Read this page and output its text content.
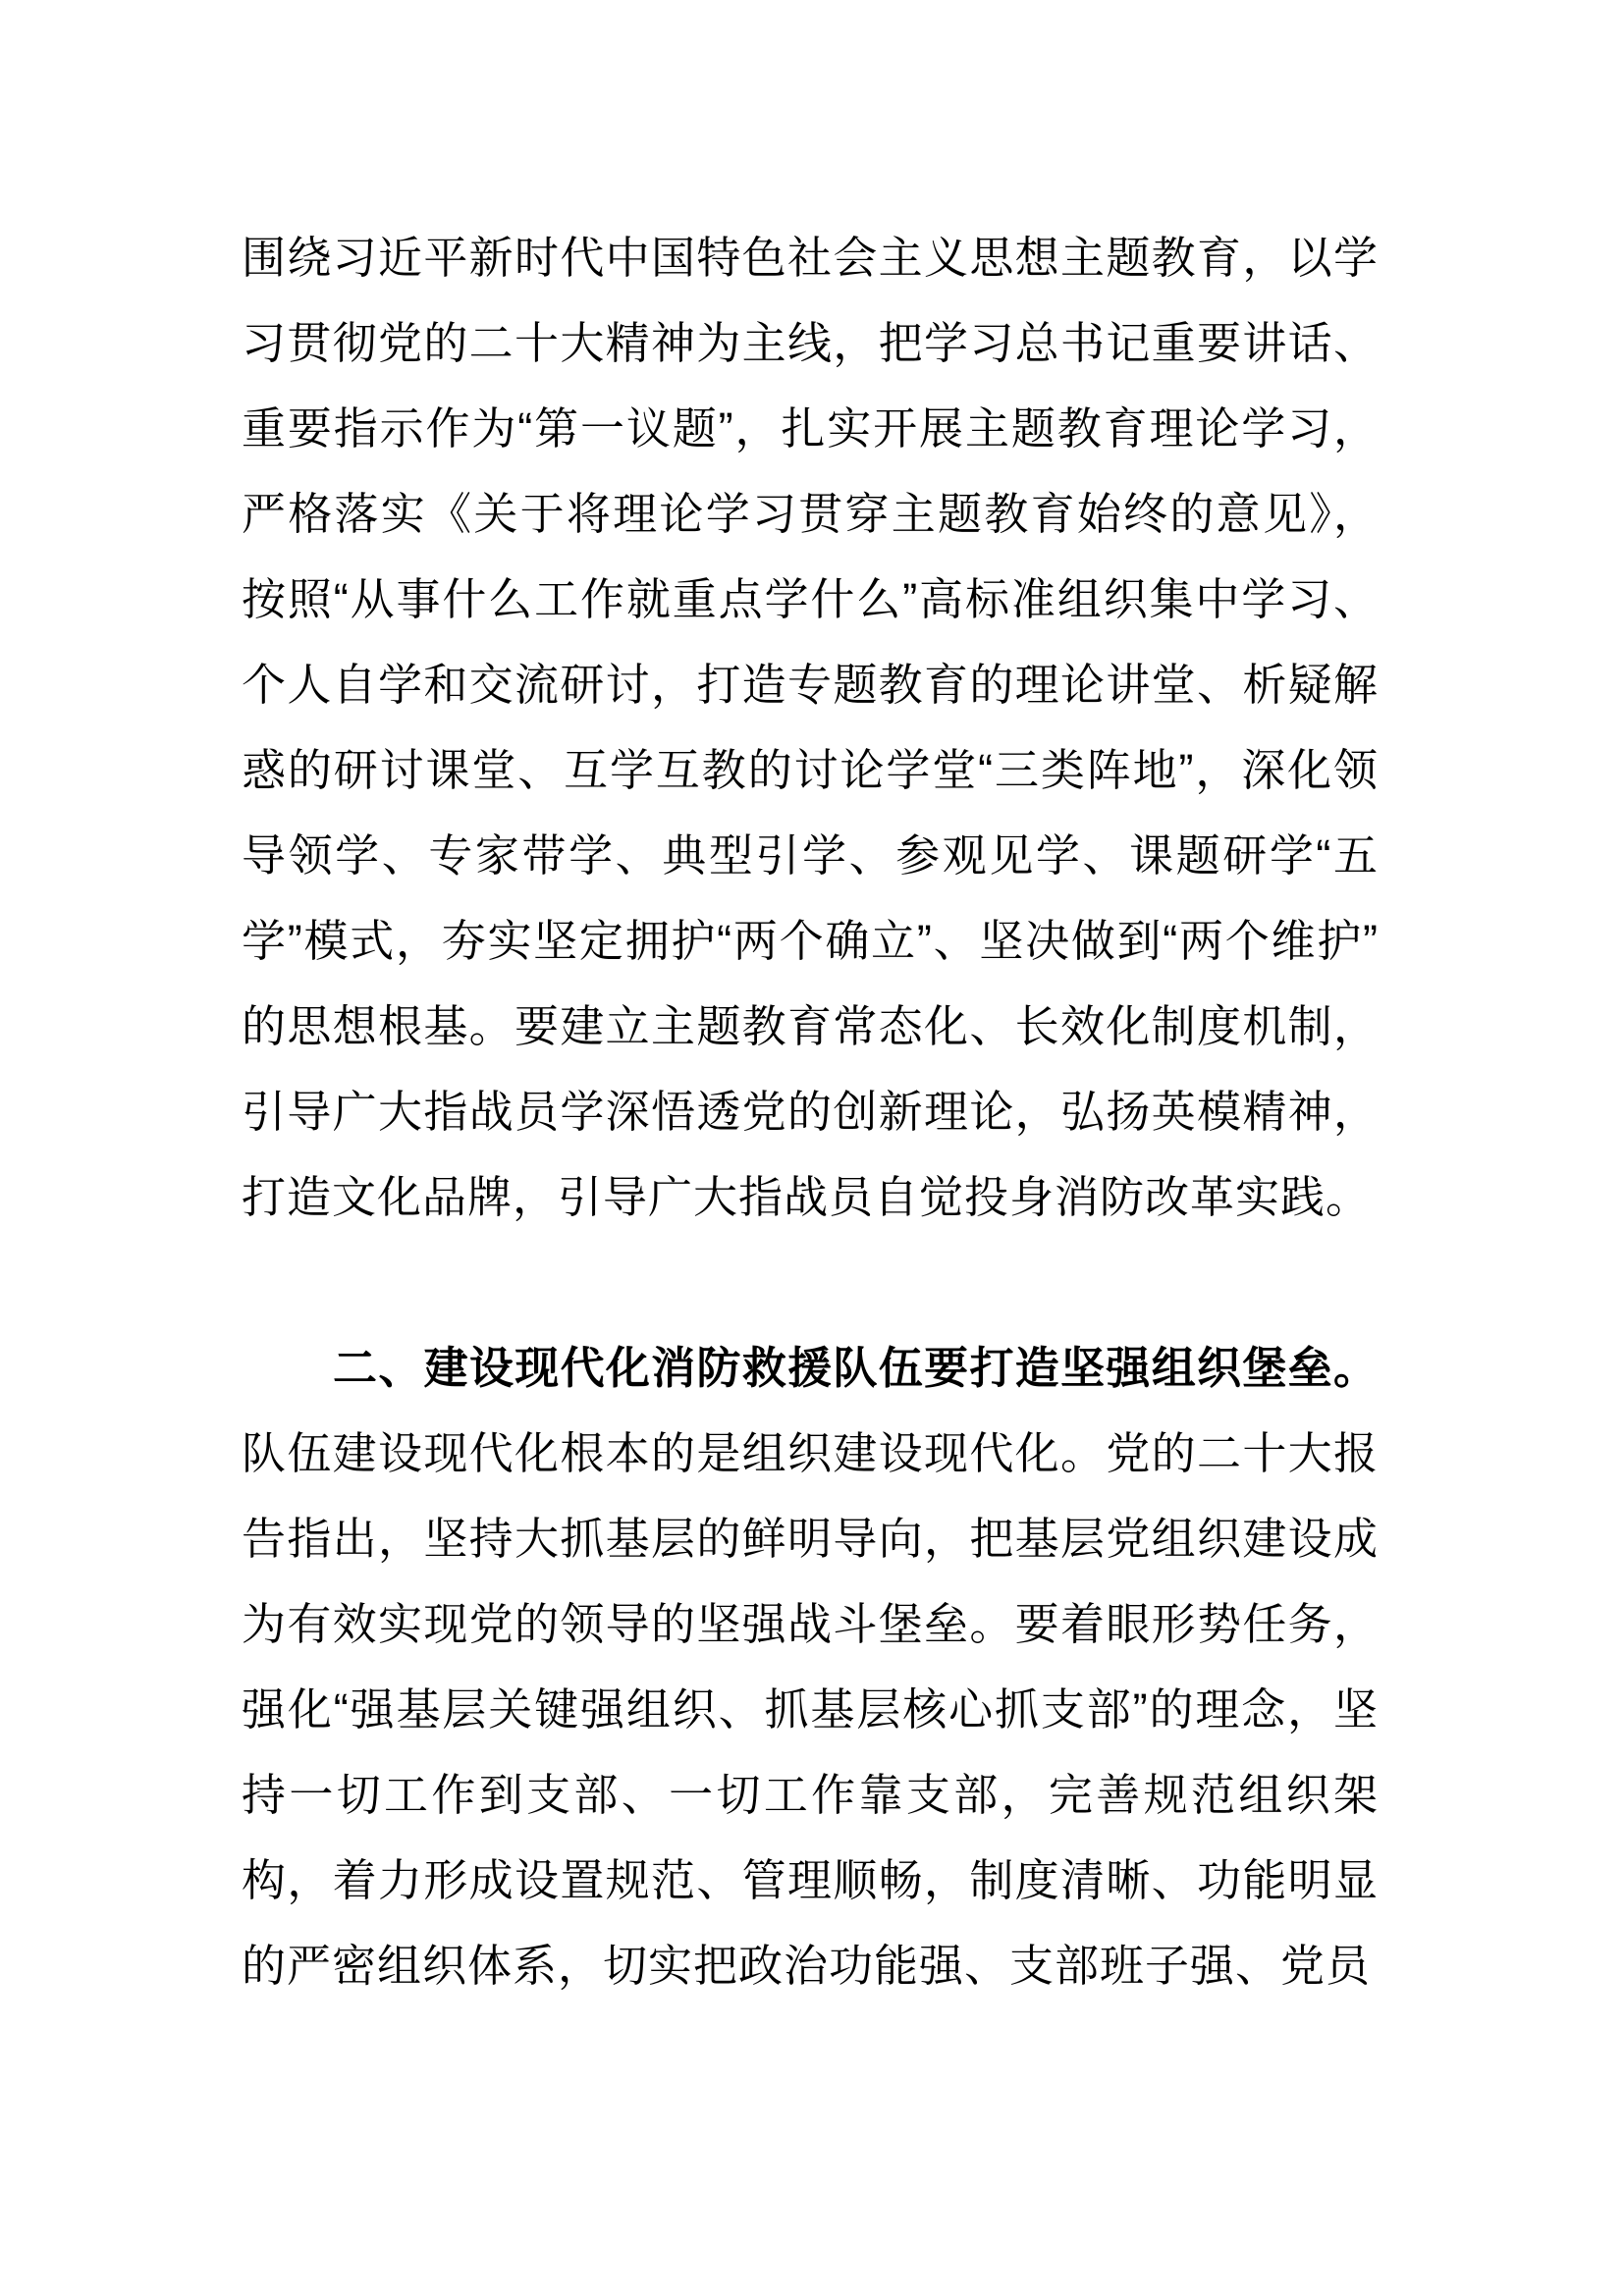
围绕习近平新时代中国特色社会主义思想主题教育，以学习贯彻党的二十大精神为主线，把学习总书记重要讲话、重要指示作为“第一议题”，扎实开展主题教育理论学习，严格落实《关于将理论学习贯穿主题教育始终的意见》，按照“从事什么工作就重点学什么”高标准组织集中学习、个人自学和交流研讨，打造专题教育的理论讲堂、析疑解惑的研讨课堂、互学互教的讨论学堂“三类阵地”，深化领导领学、专家带学、典型引学、参观见学、课题研学“五学”模式，夯实坚定拥护“两个确立”、坚决做到“两个维护”的思想根基。要建立主题教育常态化、长效化制度机制，引导广大指战员学深悟透党的创新理论，弘扬英模精神，打造文化品牌，引导广大指战员自觉投身消防改革实践。

二、建设现代化消防救援队伍要打造坚强组织堡垒。队伍建设现代化根本的是组织建设现代化。党的二十大报告指出，坚持大抓基层的鲜明导向，把基层党组织建设成为有效实现党的领导的坚强战斗堡垒。要着眼形势任务，强化“强基层关键强组织、抓基层核心抓支部”的理念，坚持一切工作到支部、一切工作靠支部，完善规范组织架构，着力形成设置规范、管理顺畅，制度清晰、功能明显的严密组织体系，切实把政治功能强、支部班子强、党员
